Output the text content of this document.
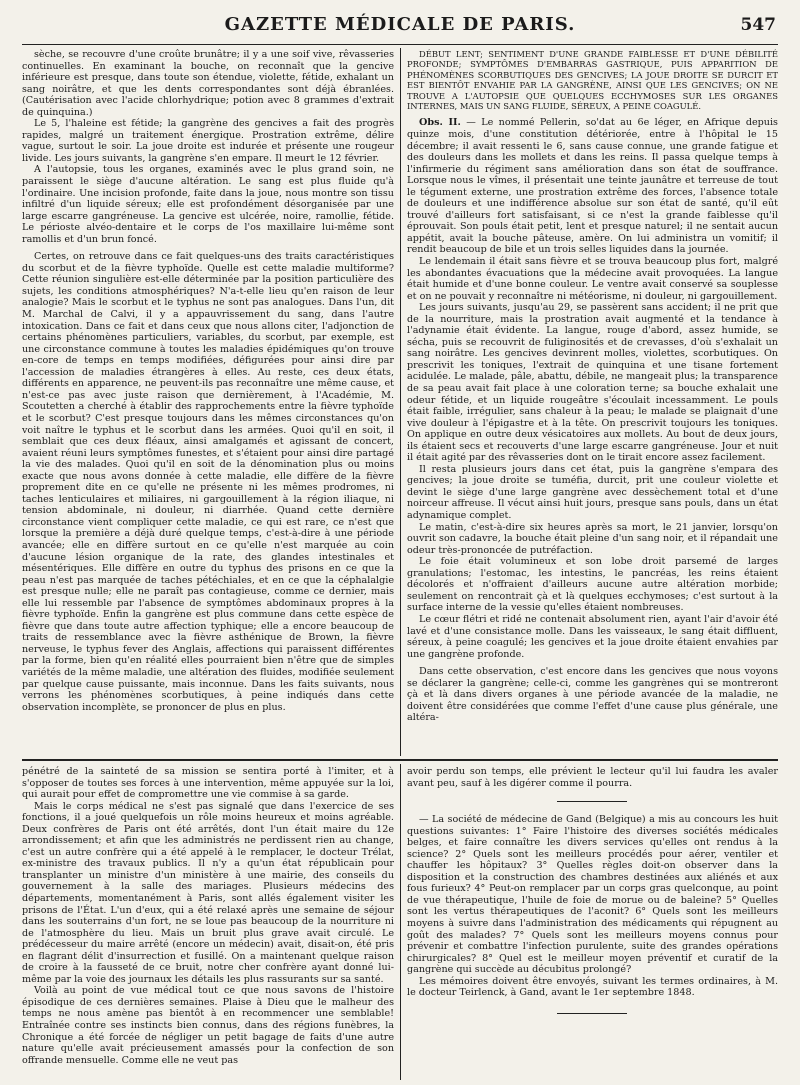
GAZETTE MÉDICALE DE PARIS.	547

sèche, se recouvre d'une croûte brunâtre; il y a une soif vive, rêvasseries continuelles. En examinant la bouche, on reconnaît que la gencive inférieure est presque, dans toute son étendue, violette, fétide, exhalant un sang noirâtre, et que les dents correspondantes sont déjà ébranlées. (Cautérisation avec l'acide chlorhydrique; potion avec 8 grammes d'extrait de quinquina.)

Le 5, l'haleine est fétide; la gangrène des gencives a fait des progrès rapides, malgré un traitement énergique. Prostration extrême, délire vague, surtout le soir. La joue droite est indurée et présente une rougeur livide. Les jours suivants, la gangrène s'en empare. Il meurt le 12 février.

A l'autopsie, tous les organes, examinés avec le plus grand soin, ne paraissent le siège d'aucune altération. Le sang est plus fluide qu'à l'ordinaire. Une incision profonde, faite dans la joue, nous montre son tissu infiltré d'un liquide séreux; elle est profondément désorganisée par une large escarre gangréneuse. La gencive est ulcérée, noire, ramollie, fétide. Le périoste alvéo-dentaire et le corps de l'os maxillaire lui-même sont ramollis et d'un brun foncé.

Certes, on retrouve dans ce fait quelques-uns des traits caractéristiques du scorbut et de la fièvre typhoïde. Quelle est cette maladie multiforme? Cette réunion singulière est-elle déterminée par la position particulière des sujets, les conditions atmosphériques? N'a-t-elle lieu qu'en raison de leur analogie? Mais le scorbut et le typhus ne sont pas analogues. Dans l'un, dit M. Marchal de Calvi, il y a appauvrissement du sang, dans l'autre intoxication. Dans ce fait et dans ceux que nous allons citer, l'adjonction de certains phénomènes particuliers, variables, du scorbut, par exemple, est une circonstance commune à toutes les maladies épidémiques qu'on trouve en-core de temps en temps modifiées, défigurées pour ainsi dire par l'accession de maladies étrangères à elles. Au reste, ces deux états, différents en apparence, ne peuvent-ils pas reconnaître une même cause, et n'est-ce pas avec juste raison que dernièrement, à l'Académie, M. Scoutetten a cherché à établir des rapprochements entre la fièvre typhoïde et le scorbut? C'est presque toujours dans les mêmes circonstances qu'on voit naître le typhus et le scorbut dans les armées. Quoi qu'il en soit, il semblait que ces deux fléaux, ainsi amalgamés et agissant de concert, avaient réuni leurs symptômes funestes, et s'étaient pour ainsi dire partagé la vie des malades. Quoi qu'il en soit de la dénomination plus ou moins exacte que nous avons donnée à cette maladie, elle diffère de la fièvre proprement dite en ce qu'elle ne présente ni les mêmes prodromes, ni taches lenticulaires et miliaires, ni gargouillement à la région iliaque, ni tension abdominale, ni douleur, ni diarrhée. Quand cette dernière circonstance vient compliquer cette maladie, ce qui est rare, ce n'est que lorsque la première a déjà duré quelque temps, c'est-à-dire à une période avancée; elle en diffère surtout en ce qu'elle n'est marquée au coin d'aucune lésion organique de la rate, des glandes intestinales et mésentériques. Elle diffère en outre du typhus des prisons en ce que la peau n'est pas marquée de taches pétéchiales, et en ce que la céphalalgie est presque nulle; elle ne paraît pas contagieuse, comme ce dernier, mais elle lui ressemble par l'absence de symptômes abdominaux propres à la fièvre typhoïde. Enfin la gangrène est plus commune dans cette espèce de fièvre que dans toute autre affection typhique; elle a encore beaucoup de traits de ressemblance avec la fièvre asthénique de Brown, la fièvre nerveuse, le typhus fever des Anglais, affections qui paraissent différentes par la forme, bien qu'en réalité elles pourraient bien n'être que de simples variétés de la même maladie, une altération des fluides, modifiée seulement par quelque cause puissante, mais inconnue. Dans les faits suivants, nous verrons les phénomènes scorbutiques, à peine indiqués dans cette observation incomplète, se prononcer de plus en plus.

DÉBUT LENT; SENTIMENT D'UNE GRANDE FAIBLESSE ET D'UNE DÉBILITÉ PROFONDE; SYMPTÔMES D'EMBARRAS GASTRIQUE, PUIS APPARITION DE PHÉNOMÈNES SCORBUTIQUES DES GENCIVES; LA JOUE DROITE SE DURCIT ET EST BIENTÔT ENVAHIE PAR LA GANGRÈNE, AINSI QUE LES GENCIVES; ON NE TROUVE A L'AUTOPSIE QUE QUELQUES ECCHYMOSES SUR LES ORGANES INTERNES, MAIS UN SANG FLUIDE, SÉREUX, A PEINE COAGULÉ.

Obs. II. — Le nommé Pellerin, so'dat au 6e léger, en Afrique depuis quinze mois, d'une constitution détériorée, entre à l'hôpital le 15 décembre; il avait ressenti le 6, sans cause connue, une grande fatigue et des douleurs dans les mollets et dans les reins. Il passa quelque temps à l'infirmerie du régiment sans amélioration dans son état de souffrance. Lorsque nous le vîmes, il présentait une teinte jaunâtre et terreuse de tout le tégument externe, une prostration extrême des forces, l'absence totale de douleurs et une indifférence absolue sur son état de santé, qu'il eût trouvé d'ailleurs fort satisfaisant, si ce n'est la grande faiblesse qu'il éprouvait. Son pouls était petit, lent et presque naturel; il ne sentait aucun appétit, avait la bouche pâteuse, amère. On lui administra un vomitif; il rendit beaucoup de bile et un trois selles liquides dans la journée.

Le lendemain il était sans fièvre et se trouva beaucoup plus fort, malgré les abondantes évacuations que la médecine avait provoquées. La langue était humide et d'une bonne couleur. Le ventre avait conservé sa souplesse et on ne pouvait y reconnaître ni météorisme, ni douleur, ni gargouillement.

Les jours suivants, jusqu'au 29, se passèrent sans accident; il ne prit que de la nourriture, mais la prostration avait augmenté et la tendance à l'adynamie était évidente. La langue, rouge d'abord, assez humide, se sécha, puis se recouvrit de fuliginosités et de crevasses, d'où s'exhalait un sang noirâtre. Les gencives devinrent molles, violettes, scorbutiques. On prescrivit les toniques, l'extrait de quinquina et une tisane fortement acidulée. Le malade, pâle, abattu, débile, ne mangeait plus; la transparence de sa peau avait fait place à une coloration terne; sa bouche exhalait une odeur fétide, et un liquide rougeâtre s'écoulait incessamment. Le pouls était faible, irrégulier, sans chaleur à la peau; le malade se plaignait d'une vive douleur à l'épigastre et à la tête. On prescrivit toujours les toniques. On applique en outre deux vésicatoires aux mollets. Au bout de deux jours, ils étaient secs et recouverts d'une large escarre gangréneuse. Jour et nuit il était agité par des rêvasseries dont on le tirait encore assez facilement.

Il resta plusieurs jours dans cet état, puis la gangrène s'empara des gencives; la joue droite se tuméfia, durcit, prit une couleur violette et devint le siège d'une large gangrène avec dessèchement total et d'une noirceur affreuse. Il vécut ainsi huit jours, presque sans pouls, dans un état adynamique complet.

Le matin, c'est-à-dire six heures après sa mort, le 21 janvier, lorsqu'on ouvrit son cadavre, la bouche était pleine d'un sang noir, et il répandait une odeur très-prononcée de putréfaction.

Le foie était volumineux et son lobe droit parsemé de larges granulations; l'estomac, les intestins, le pancréas, les reins étaient décolorés et n'offraient d'ailleurs aucune autre altération morbide; seulement on rencontrait çà et là quelques ecchymoses; c'est surtout à la surface interne de la vessie qu'elles étaient nombreuses.

Le cœur flétri et ridé ne contenait absolument rien, ayant l'air d'avoir été lavé et d'une consistance molle. Dans les vaisseaux, le sang était diffluent, séreux, à peine coagulé; les gencives et la joue droite étaient envahies par une gangrène profonde.

Dans cette observation, c'est encore dans les gencives que nous voyons se déclarer la gangrène; celle-ci, comme les gangrènes qui se montreront çà et là dans divers organes à une période avancée de la maladie, ne doivent être considérées que comme l'effet d'une cause plus générale, une altéra-

pénétré de la sainteté de sa mission se sentira porté à l'imiter, et à s'opposer de toutes ses forces à une intervention, même appuyée sur la loi, qui aurait pour effet de compromettre une vie commise à sa garde.

Mais le corps médical ne s'est pas signalé que dans l'exercice de ses fonctions, il a joué quelquefois un rôle moins heureux et moins agréable. Deux confrères de Paris ont été arrêtés, dont l'un était maire du 12e arrondissement; et afin que les administrés ne perdissent rien au change, c'est un autre confrère qui a été appelé à le remplacer, le docteur Trélat, ex-ministre des travaux publics. Il n'y a qu'un état républicain pour transplanter un ministre d'un ministère à une mairie, des conseils du gouvernement à la salle des mariages. Plusieurs médecins des départements, momentanément à Paris, sont allés également visiter les prisons de l'État. L'un d'eux, qui a été relaxé après une semaine de séjour dans les souterrains d'un fort, ne se loue pas beaucoup de la nourriture ni de l'atmosphère du lieu. Mais un bruit plus grave avait circulé. Le prédécesseur du maire arrêté (encore un médecin) avait, disait-on, été pris en flagrant délit d'insurrection et fusillé. On a maintenant quelque raison de croire à la fausseté de ce bruit, notre cher confrère ayant donné lui-même par la voie des journaux les détails les plus rassurants sur sa santé.

Voilà au point de vue médical tout ce que nous savons de l'histoire épisodique de ces dernières semaines. Plaise à Dieu que le malheur des temps ne nous amène pas bientôt à en recommencer une semblable! Entraînée contre ses instincts bien connus, dans des régions funèbres, la Chronique a été forcée de négliger un petit bagage de faits d'une autre nature qu'elle avait précieusement amassés pour la confection de son offrande mensuelle. Comme elle ne veut pas

avoir perdu son temps, elle prévient le lecteur qu'il lui faudra les avaler avant peu, sauf à les digérer comme il pourra.

— La société de médecine de Gand (Belgique) a mis au concours les huit questions suivantes: 1° Faire l'histoire des diverses sociétés médicales belges, et faire connaître les divers services qu'elles ont rendus à la science? 2° Quels sont les meilleurs procédés pour aérer, ventiler et chauffer les hôpitaux? 3° Quelles règles doit-on observer dans la disposition et la construction des chambres destinées aux aliénés et aux fous furieux? 4° Peut-on remplacer par un corps gras quelconque, au point de vue thérapeutique, l'huile de foie de morue ou de baleine? 5° Quelles sont les vertus thérapeutiques de l'aconit? 6° Quels sont les meilleurs moyens à suivre dans l'administration des médicaments qui répugnent au goût des malades? 7° Quels sont les meilleurs moyens connus pour prévenir et combattre l'infection purulente, suite des grandes opérations chirurgicales? 8° Quel est le meilleur moyen préventif et curatif de la gangrène qui succède au décubitus prolongé?

Les mémoires doivent être envoyés, suivant les termes ordinaires, à M. le docteur Teirlenck, à Gand, avant le 1er septembre 1848.
